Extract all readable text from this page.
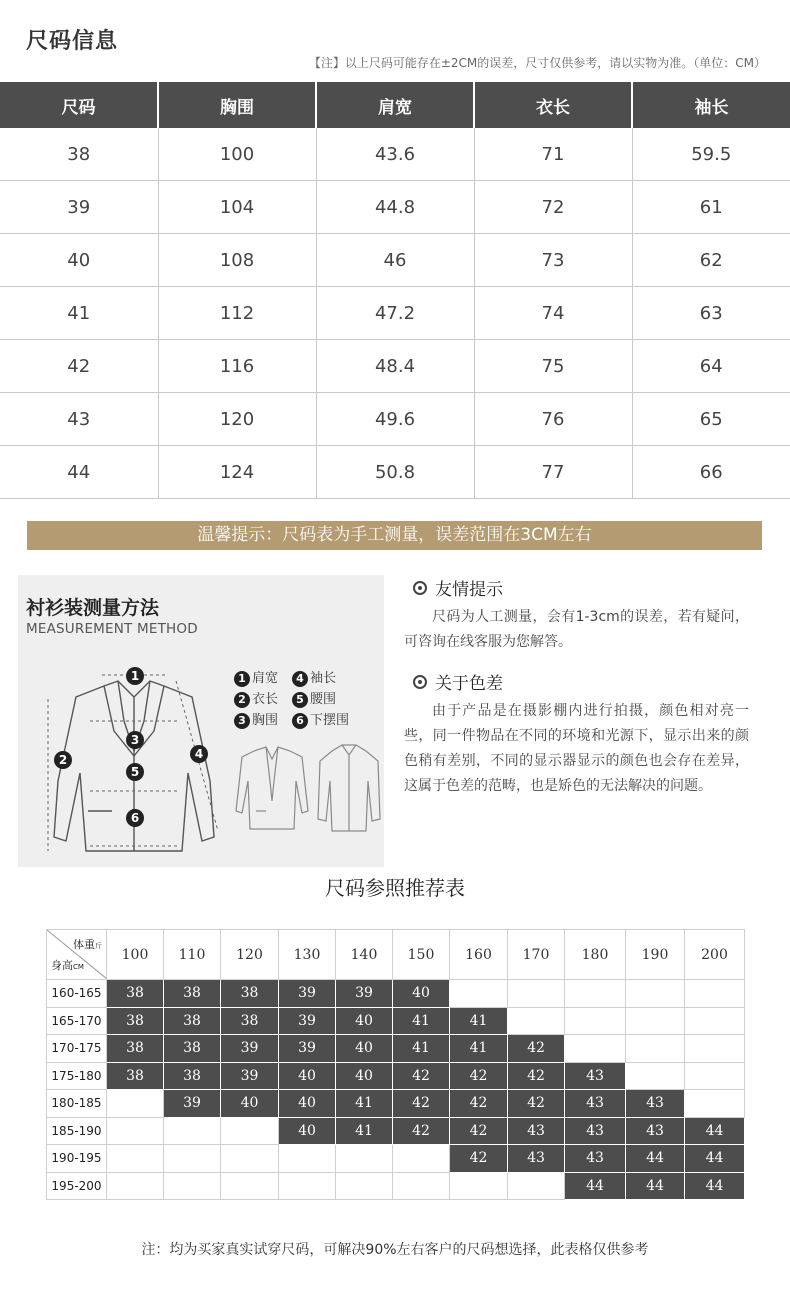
尺码信息
【注】以上尺码可能存在±2CM的误差，尺寸仅供参考，请以实物为准。（单位：CM）
尺码	胸围	肩宽	衣长	袖长
38	100	43.6	71	59.5
39	104	44.8	72	61
40	108	46	73	62
41	112	47.2	74	63
42	116	48.4	75	64
43	120	49.6	76	65
44	124	50.8	77	66
温馨提示：尺码表为手工测量，误差范围在3CM左右
衬衫装测量方法
MEASUREMENT METHOD
1
2
3
4
5
6
1 肩宽	4 袖长
2 衣长	5 腰围
3 胸围	6 下摆围
友情提示
尺码为人工测量，会有1-3cm的误差，若有疑问，可咨询在线客服为您解答。
关于色差
由于产品是在摄影棚内进行拍摄，颜色相对亮一些，同一件物品在不同的环境和光源下，显示出来的颜色稍有差别，不同的显示器显示的颜色也会存在差异，这属于色差的范畴，也是矫色的无法解决的问题。
尺码参照推荐表
体重斤
身高CM	100	110	120	130	140	150	160	170	180	190	200
160-165	38	38	38	39	39	40					
165-170	38	38	38	39	40	41	41				
170-175	38	38	39	39	40	41	41	42			
175-180	38	38	39	40	40	42	42	42	43		
180-185		39	40	40	41	42	42	42	43	43	
185-190				40	41	42	42	43	43	43	44
190-195							42	43	43	44	44
195-200									44	44	44
注：均为买家真实试穿尺码，可解决90%左右客户的尺码想选择，此表格仅供参考
